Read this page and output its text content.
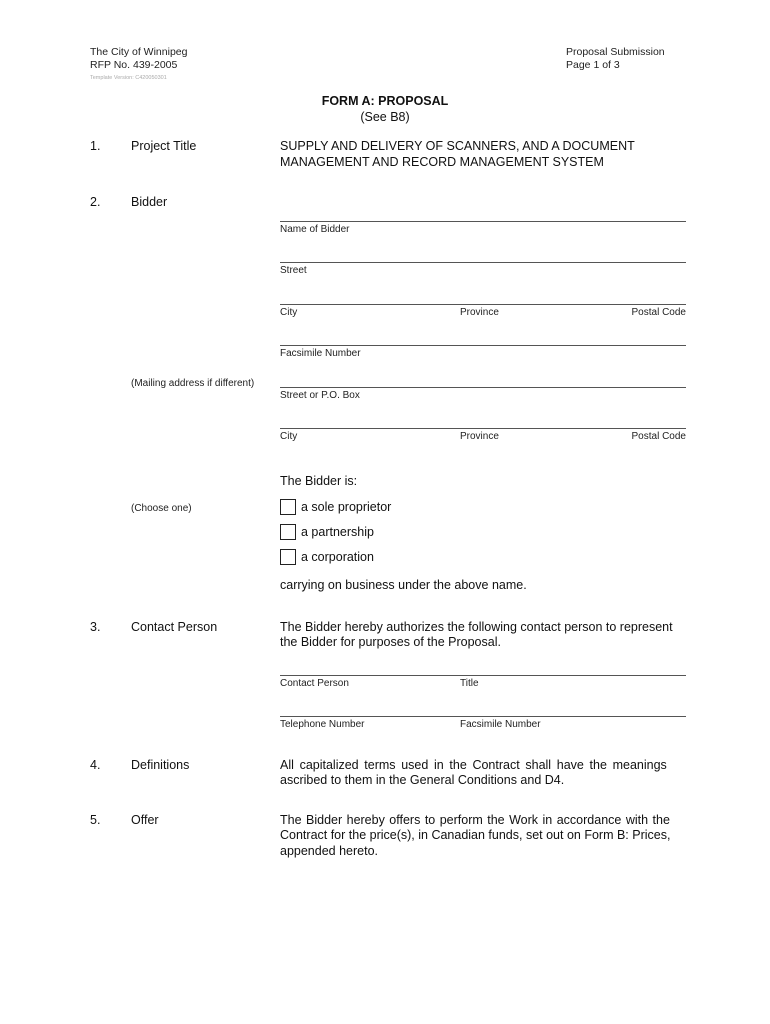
The City of Winnipeg
RFP No. 439-2005
Template Version: C420050301
Proposal Submission
Page 1 of 3
FORM A: PROPOSAL
(See B8)
1. Project Title	SUPPLY AND DELIVERY OF SCANNERS, AND A DOCUMENT
MANAGEMENT AND RECORD MANAGEMENT SYSTEM
2. Bidder
Name of Bidder
Street
City	Province	Postal Code
Facsimile Number
(Mailing address if different)
Street or P.O. Box
City	Province	Postal Code
The Bidder is:
(Choose one)	a sole proprietor
a partnership
a corporation
carrying on business under the above name.
3. Contact Person	The Bidder hereby authorizes the following contact person to represent
the Bidder for purposes of the Proposal.
Contact Person	Title
Telephone Number	Facsimile Number
4. Definitions	All capitalized terms used in the Contract shall have the meanings
ascribed to them in the General Conditions and D4.
5. Offer	The Bidder hereby offers to perform the Work in accordance with the
Contract for the price(s), in Canadian funds, set out on Form B: Prices,
appended hereto.
